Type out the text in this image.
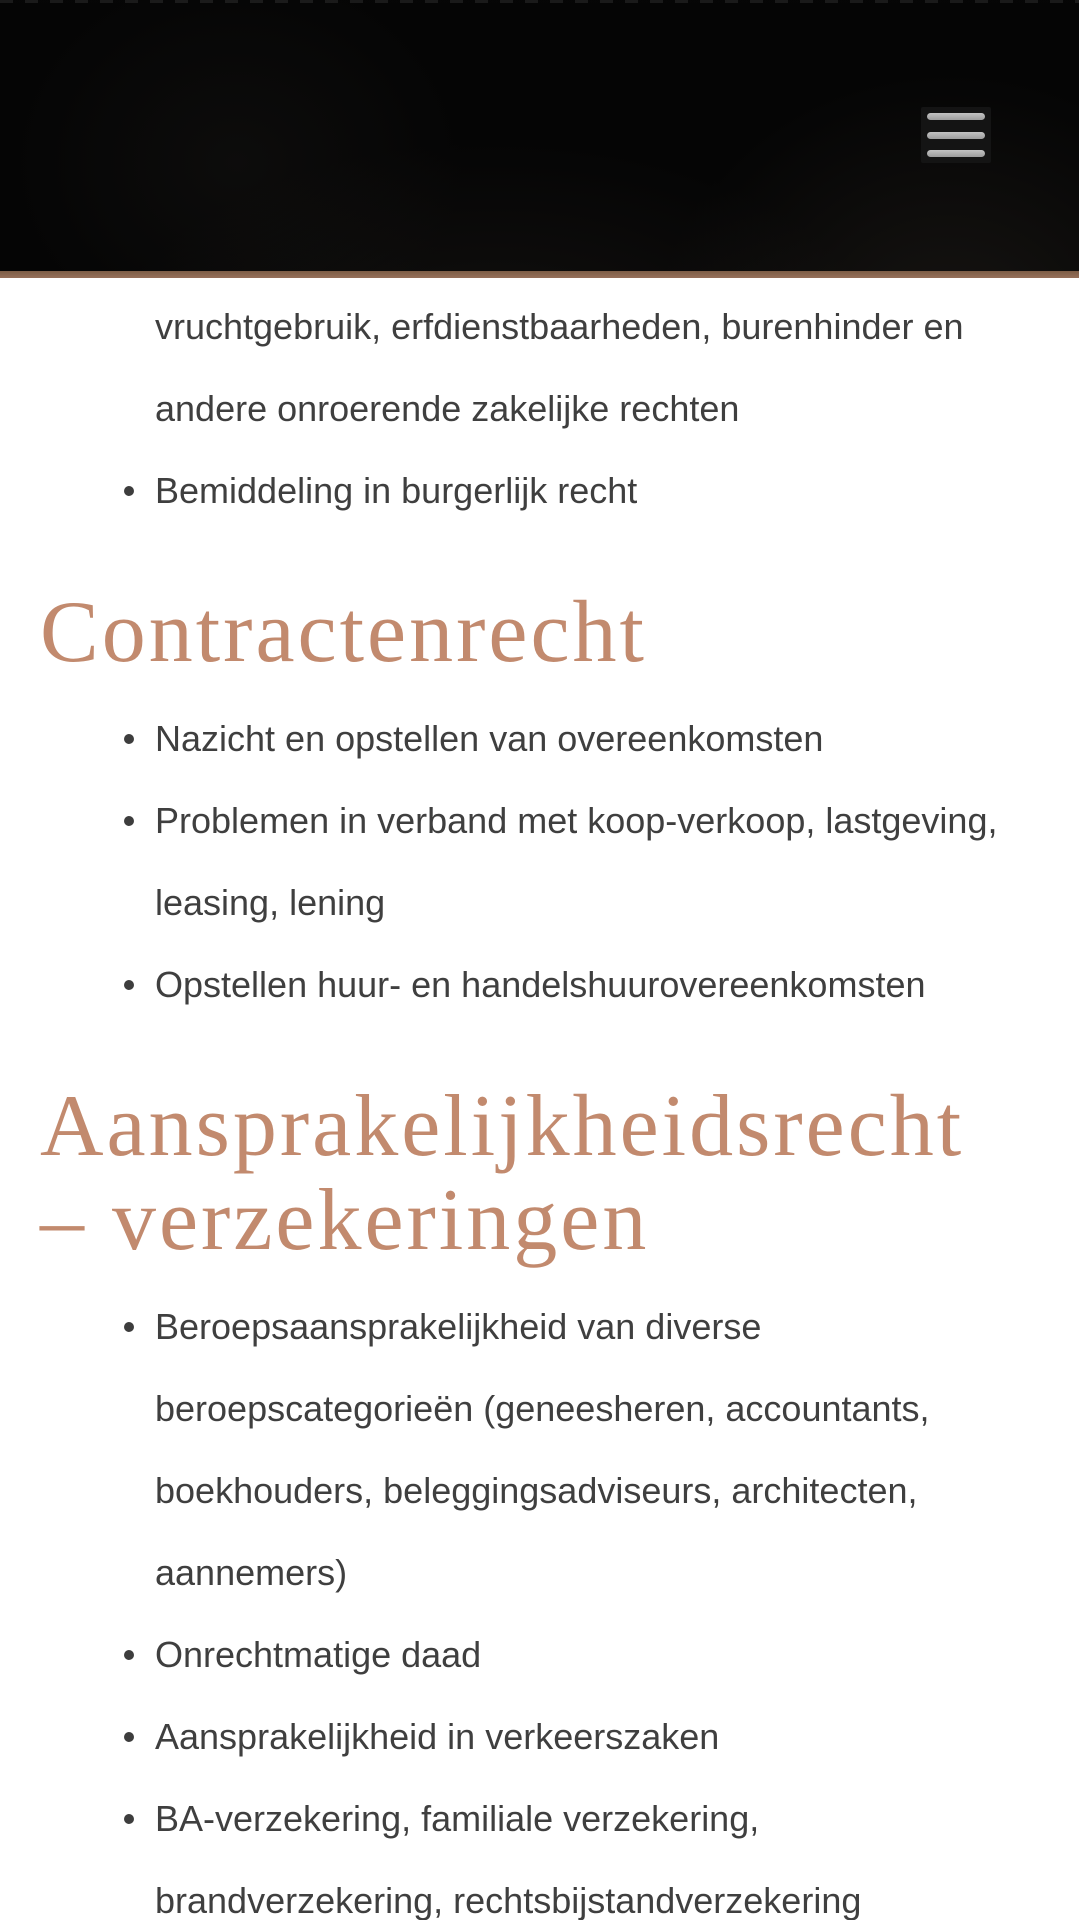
vruchtgebruik, erfdienstbaarheden, burenhinder en
andere onroerende zakelijke rechten
Bemiddeling in burgerlijk recht
Contractenrecht
Nazicht en opstellen van overeenkomsten
Problemen in verband met koop-verkoop, lastgeving,
leasing, lening
Opstellen huur- en handelshuurovereenkomsten
Aansprakelijkheidsrecht
– verzekeringen
Beroepsaansprakelijkheid van diverse
beroepscategorieën (geneesheren, accountants,
boekhouders, beleggingsadviseurs, architecten,
aannemers)
Onrechtmatige daad
Aansprakelijkheid in verkeerszaken
BA-verzekering, familiale verzekering,
brandverzekering, rechtsbijstandverzekering
